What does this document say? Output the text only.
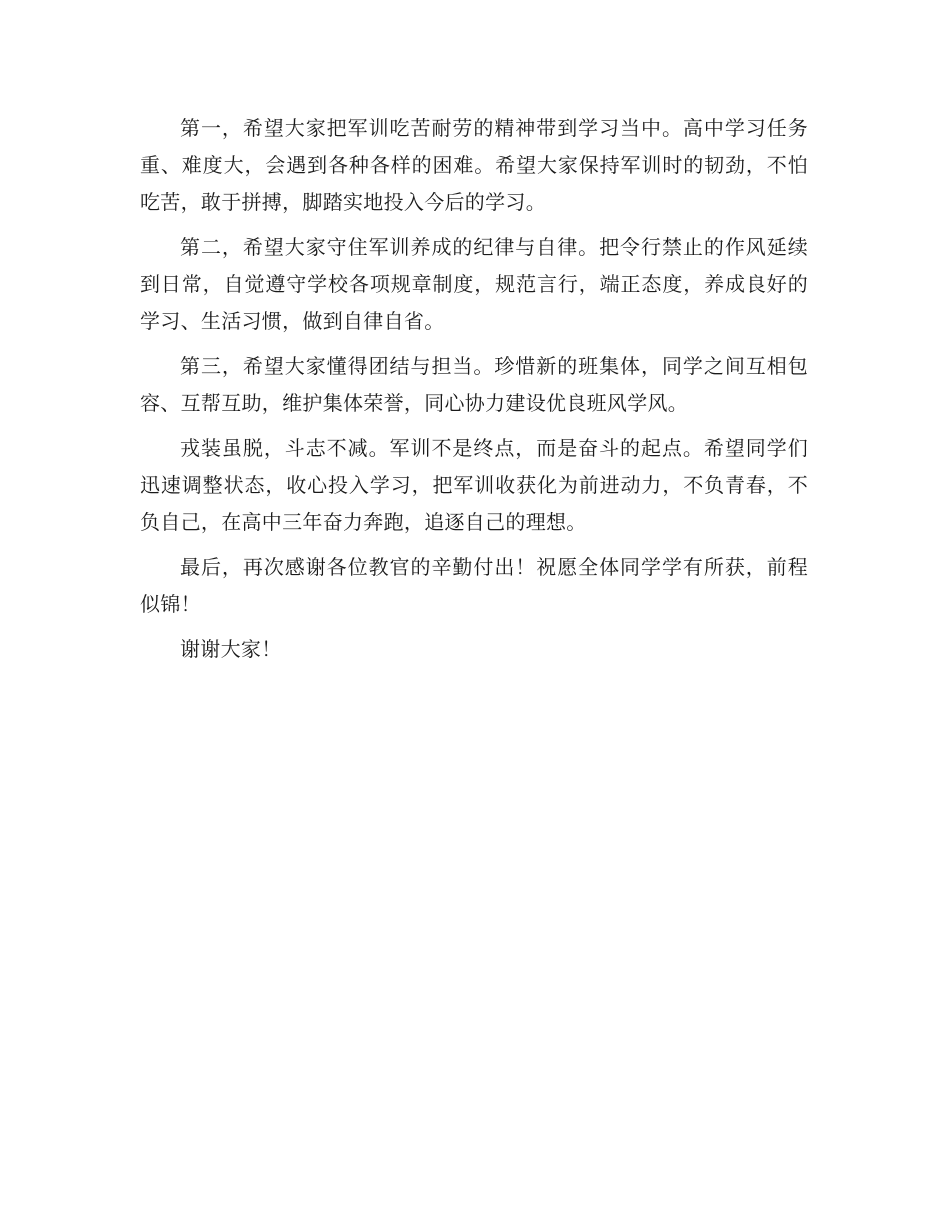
第一，希望大家把军训吃苦耐劳的精神带到学习当中。高中学习任务重、难度大，会遇到各种各样的困难。希望大家保持军训时的韧劲，不怕吃苦，敢于拼搏，脚踏实地投入今后的学习。

第二，希望大家守住军训养成的纪律与自律。把令行禁止的作风延续到日常，自觉遵守学校各项规章制度，规范言行，端正态度，养成良好的学习、生活习惯，做到自律自省。

第三，希望大家懂得团结与担当。珍惜新的班集体，同学之间互相包容、互帮互助，维护集体荣誉，同心协力建设优良班风学风。

戎装虽脱，斗志不减。军训不是终点，而是奋斗的起点。希望同学们迅速调整状态，收心投入学习，把军训收获化为前进动力，不负青春，不负自己，在高中三年奋力奔跑，追逐自己的理想。

最后，再次感谢各位教官的辛勤付出！祝愿全体同学学有所获，前程似锦！

谢谢大家！
